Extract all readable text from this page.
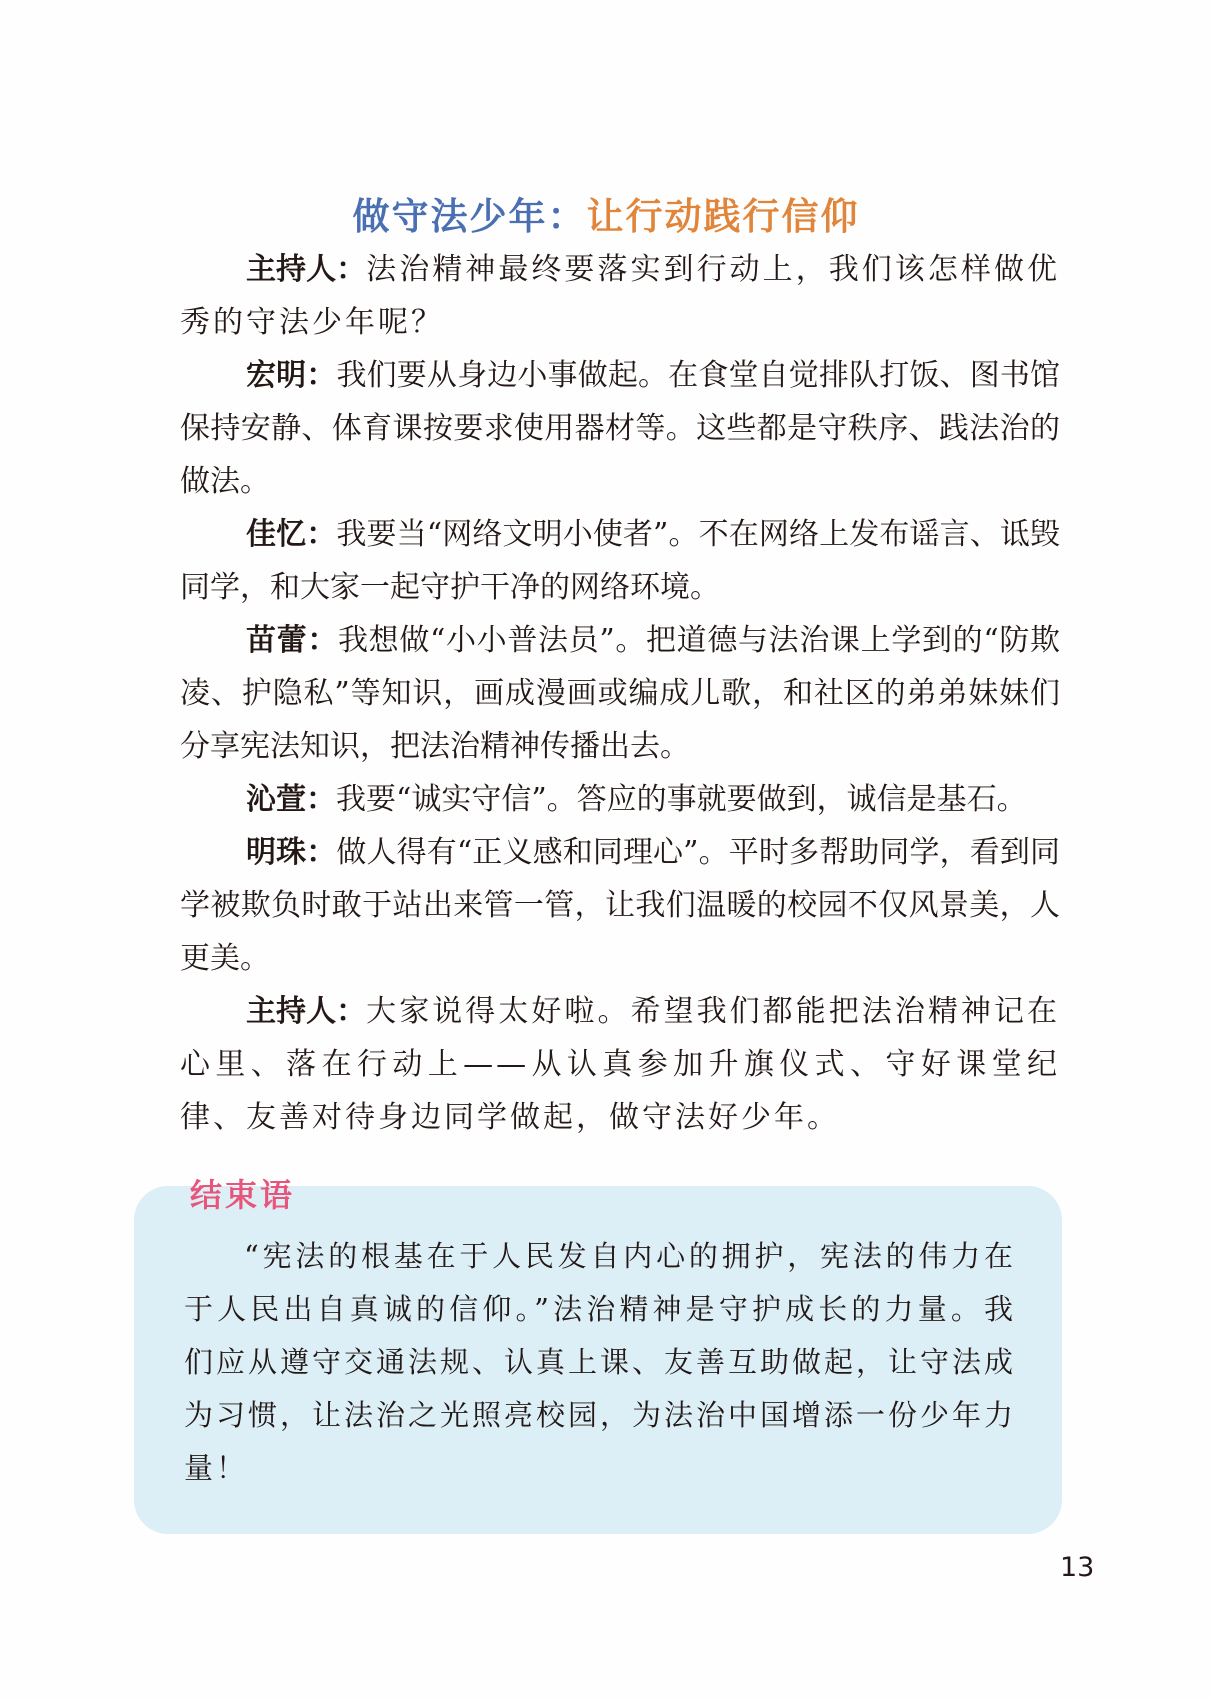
做守法少年：让行动践行信仰

主持人：法治精神最终要落实到行动上，我们该怎样做优秀的守法少年呢？

宏明：我们要从身边小事做起。在食堂自觉排队打饭、图书馆保持安静、体育课按要求使用器材等。这些都是守秩序、践法治的做法。

佳忆：我要当“网络文明小使者”。不在网络上发布谣言、诋毁同学，和大家一起守护干净的网络环境。

苗蕾：我想做“小小普法员”。把道德与法治课上学到的“防欺凌、护隐私”等知识，画成漫画或编成儿歌，和社区的弟弟妹妹们分享宪法知识，把法治精神传播出去。

沁萱：我要“诚实守信”。答应的事就要做到，诚信是基石。

明珠：做人得有“正义感和同理心”。平时多帮助同学，看到同学被欺负时敢于站出来管一管，让我们温暖的校园不仅风景美，人更美。

主持人：大家说得太好啦。希望我们都能把法治精神记在心里、落在行动上——从认真参加升旗仪式、守好课堂纪律、友善对待身边同学做起，做守法好少年。

结束语

“宪法的根基在于人民发自内心的拥护，宪法的伟力在于人民出自真诚的信仰。”法治精神是守护成长的力量。我们应从遵守交通法规、认真上课、友善互助做起，让守法成为习惯，让法治之光照亮校园，为法治中国增添一份少年力量！

13
